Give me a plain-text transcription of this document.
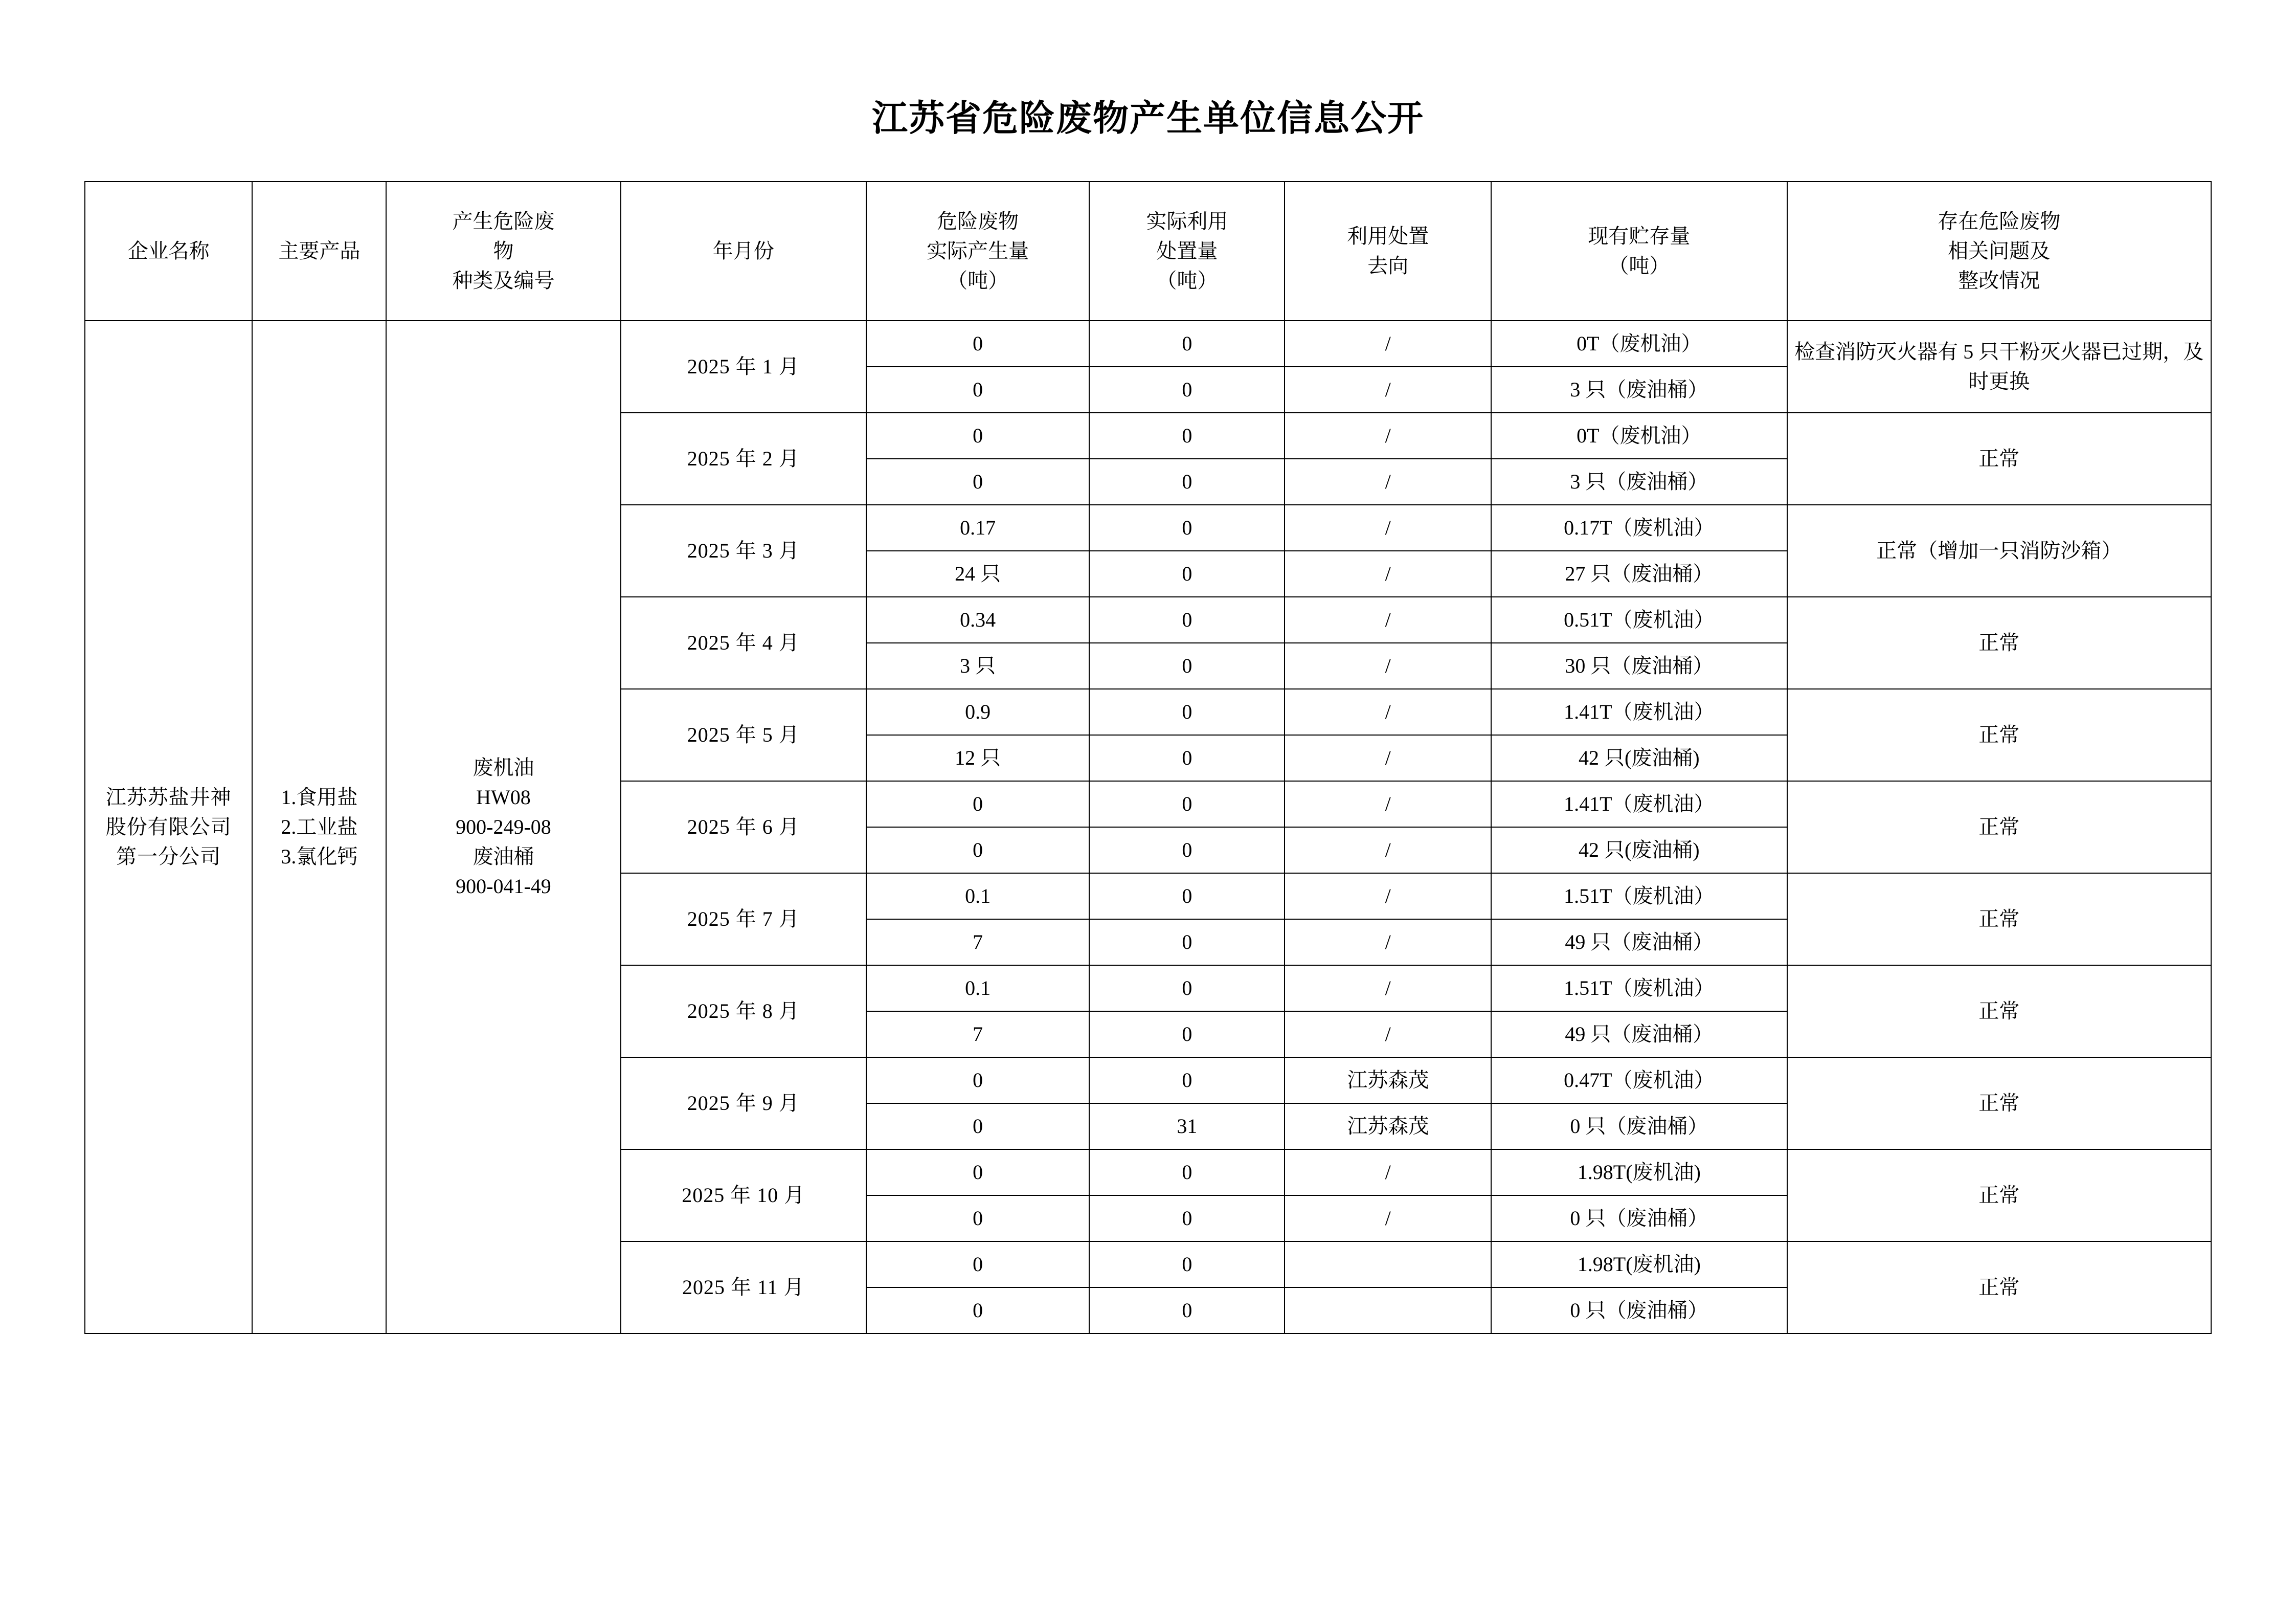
江苏省危险废物产生单位信息公开
企业名称	主要产品	产生危险废
物
种类及编号	年月份	危险废物
实际产生量
（吨）	实际利用
处置量
（吨）	利用处置
去向	现有贮存量
（吨）	存在危险废物
相关问题及
整改情况

江苏苏盐井神
股份有限公司
第一分公司	1.食用盐
2.工业盐
3.氯化钙	废机油
HW08
900-249-08
废油桶
900-041-49	2025 年 1 月	0	0	/	0T（废机油）	检查消防灭火器有 5 只干粉灭火器已过期，及时更换
				0	0	/	3 只（废油桶）	
			2025 年 2 月	0	0	/	0T（废机油）	正常
				0	0	/	3 只（废油桶）	
			2025 年 3 月	0.17	0	/	0.17T（废机油）	正常（增加一只消防沙箱）
				24 只	0	/	27 只（废油桶）	
			2025 年 4 月	0.34	0	/	0.51T（废机油）	正常
				3 只	0	/	30 只（废油桶）	
			2025 年 5 月	0.9	0	/	1.41T（废机油）	正常
				12 只	0	/	42 只(废油桶)	
			2025 年 6 月	0	0	/	1.41T（废机油）	正常
				0	0	/	42 只(废油桶)	
			2025 年 7 月	0.1	0	/	1.51T（废机油）	正常
				7	0	/	49 只（废油桶）	
			2025 年 8 月	0.1	0	/	1.51T（废机油）	正常
				7	0	/	49 只（废油桶）	
			2025 年 9 月	0	0	江苏森茂	0.47T（废机油）	正常
				0	31	江苏森茂	0 只（废油桶）	
			2025 年 10 月	0	0	/	1.98T(废机油)	正常
				0	0	/	0 只（废油桶）	
			2025 年 11 月	0	0		1.98T(废机油)	正常
				0	0		0 只（废油桶）	
